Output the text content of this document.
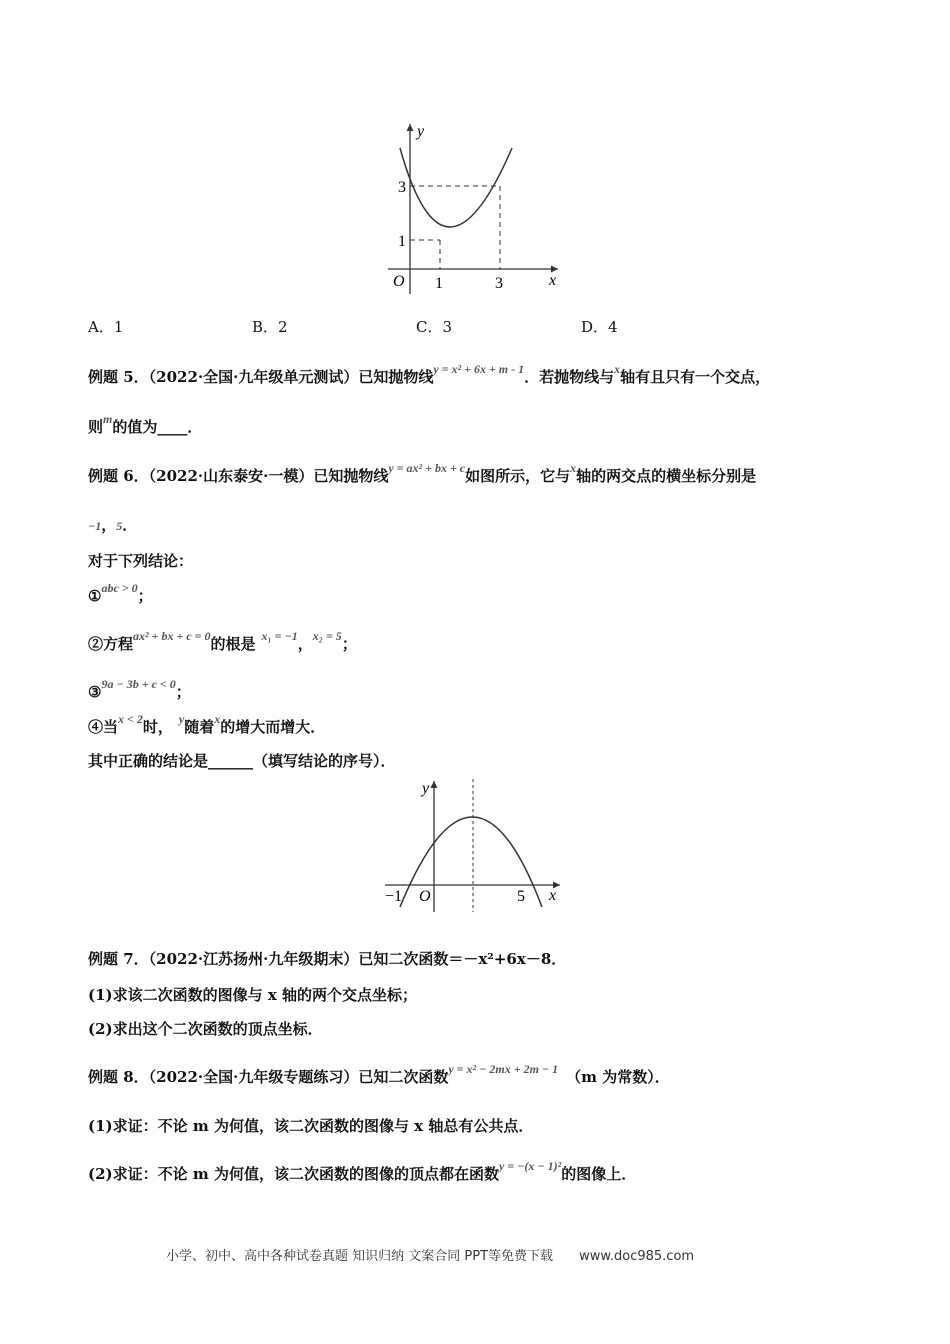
y
x
O
3
1
1	3
A．1	B．2	C．3	D．4
例题 5．（2022·全国·九年级单元测试）已知抛物线$^{y = x^2 + 6x + m - 1}$．若抛物线与$^x$轴有且只有一个交点，
则$^m$的值为____．
例题 6．（2022·山东泰安·一模）已知抛物线$^{y = ax^2 + bx + c}$如图所示，它与$^x$轴的两交点的横坐标分别是
−1，5．
对于下列结论：
①$^{abc > 0}$；
②方程$^{ax^2 + bx + c = 0}$的根是 $^{x_1 = -1}$，$^{x_2 = 5}$；
③$^{9a - 3b + c < 0}$；
④当$^{x < 2}$时， $^y$随着$^x$的增大而增大．
其中正确的结论是______（填写结论的序号）．
y
x
O
−1	5
例题 7．（2022·江苏扬州·九年级期末）已知二次函数＝－x²+6x－8．
(1)求该二次函数的图像与 x 轴的两个交点坐标；
(2)求出这个二次函数的顶点坐标．
例题 8．（2022·全国·九年级专题练习）已知二次函数$^{y = x^2 - 2mx + 2m - 1}$ （m 为常数）．
(1)求证：不论 m 为何值，该二次函数的图像与 x 轴总有公共点．
(2)求证：不论 m 为何值，该二次函数的图像的顶点都在函数$^{y = -(x - 1)^2}$的图像上．
小学、初中、高中各种试卷真题 知识归纳 文案合同 PPT等免费下载 www.doc985.com
